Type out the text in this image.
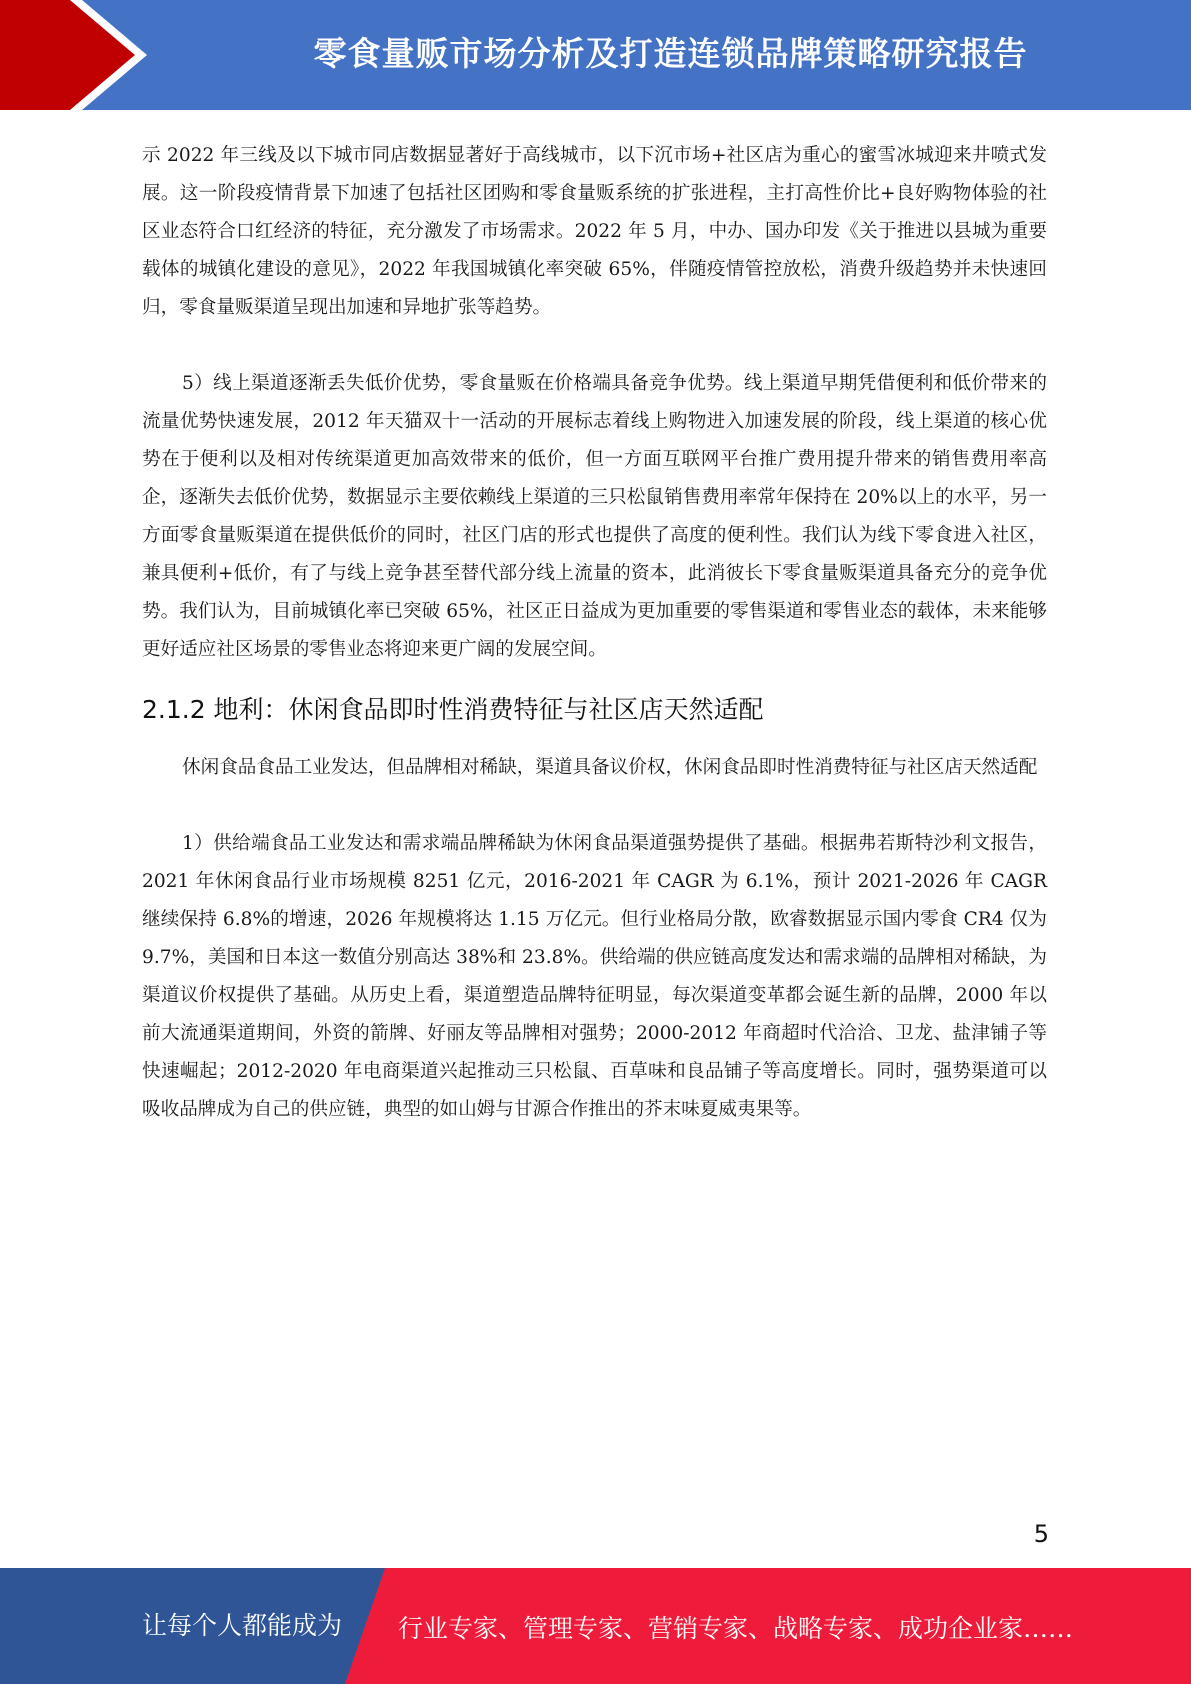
零食量贩市场分析及打造连锁品牌策略研究报告

示 2022 年三线及以下城市同店数据显著好于高线城市，以下沉市场+社区店为重心的蜜雪冰城迎来井喷式发展。这一阶段疫情背景下加速了包括社区团购和零食量贩系统的扩张进程，主打高性价比+良好购物体验的社区业态符合口红经济的特征，充分激发了市场需求。2022 年 5 月，中办、国办印发《关于推进以县城为重要载体的城镇化建设的意见》，2022 年我国城镇化率突破 65%，伴随疫情管控放松，消费升级趋势并未快速回归，零食量贩渠道呈现出加速和异地扩张等趋势。

5）线上渠道逐渐丢失低价优势，零食量贩在价格端具备竞争优势。线上渠道早期凭借便利和低价带来的流量优势快速发展，2012 年天猫双十一活动的开展标志着线上购物进入加速发展的阶段，线上渠道的核心优势在于便利以及相对传统渠道更加高效带来的低价，但一方面互联网平台推广费用提升带来的销售费用率高企，逐渐失去低价优势，数据显示主要依赖线上渠道的三只松鼠销售费用率常年保持在 20%以上的水平，另一方面零食量贩渠道在提供低价的同时，社区门店的形式也提供了高度的便利性。我们认为线下零食进入社区，兼具便利+低价，有了与线上竞争甚至替代部分线上流量的资本，此消彼长下零食量贩渠道具备充分的竞争优势。我们认为，目前城镇化率已突破 65%，社区正日益成为更加重要的零售渠道和零售业态的载体，未来能够更好适应社区场景的零售业态将迎来更广阔的发展空间。

2.1.2 地利：休闲食品即时性消费特征与社区店天然适配

休闲食品食品工业发达，但品牌相对稀缺，渠道具备议价权，休闲食品即时性消费特征与社区店天然适配

1）供给端食品工业发达和需求端品牌稀缺为休闲食品渠道强势提供了基础。根据弗若斯特沙利文报告，2021 年休闲食品行业市场规模 8251 亿元，2016-2021 年 CAGR 为 6.1%，预计 2021-2026 年 CAGR 继续保持 6.8%的增速，2026 年规模将达 1.15 万亿元。但行业格局分散，欧睿数据显示国内零食 CR4 仅为 9.7%，美国和日本这一数值分别高达 38%和 23.8%。供给端的供应链高度发达和需求端的品牌相对稀缺，为渠道议价权提供了基础。从历史上看，渠道塑造品牌特征明显，每次渠道变革都会诞生新的品牌，2000 年以前大流通渠道期间，外资的箭牌、好丽友等品牌相对强势；2000-2012 年商超时代洽洽、卫龙、盐津铺子等快速崛起；2012-2020 年电商渠道兴起推动三只松鼠、百草味和良品铺子等高度增长。同时，强势渠道可以吸收品牌成为自己的供应链，典型的如山姆与甘源合作推出的芥末味夏威夷果等。

5
让每个人都能成为 行业专家、管理专家、营销专家、战略专家、成功企业家……
